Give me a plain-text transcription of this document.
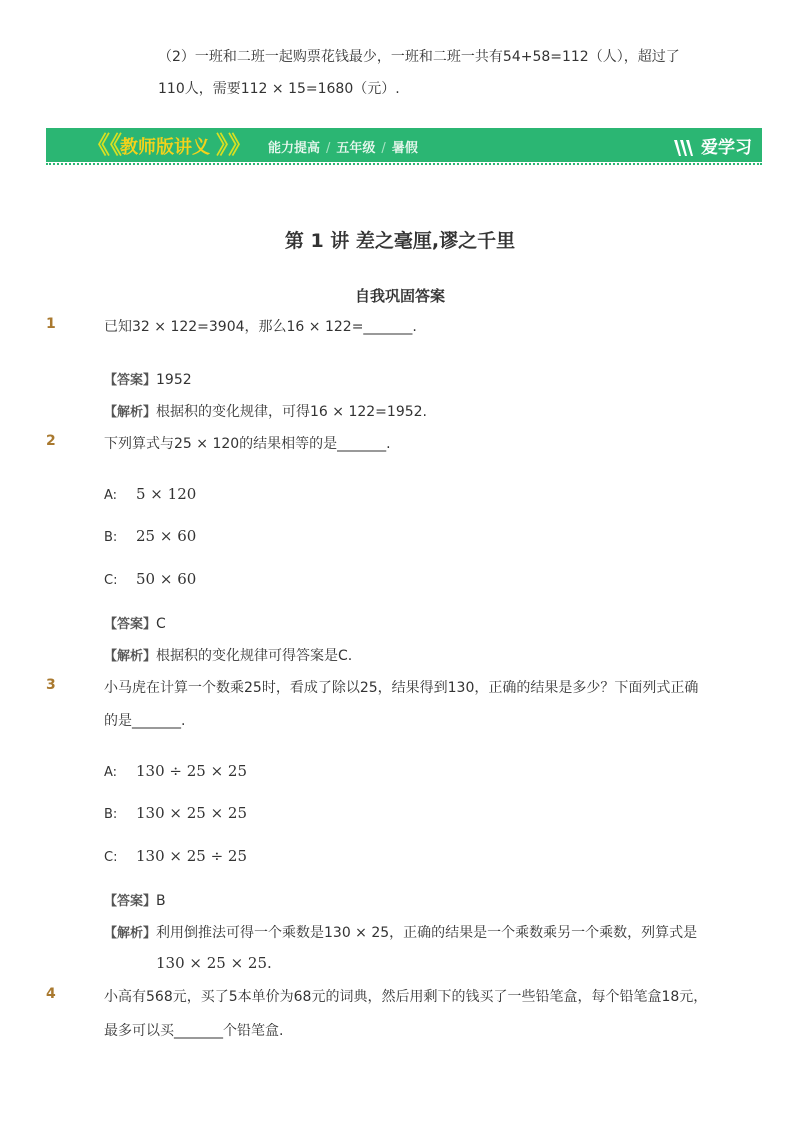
（2）一班和二班一起购票花钱最少，一班和二班一共有54+58=112（人），超过了
110人，需要112 × 15=1680（元）.
《《
教师版讲义 》》 能力提高 / 五年级 / 暑假	爱学习
第 1 讲 差之毫厘,谬之千里
自我巩固答案
1	已知32 × 122=3904，那么16 × 122=_______.
【答案】1952
【解析】根据积的变化规律，可得16 × 122=1952.
2	下列算式与25 × 120的结果相等的是_______.
A: 5 × 120
B: 25 × 60
C: 50 × 60
【答案】C
【解析】根据积的变化规律可得答案是C.
3	小马虎在计算一个数乘25时，看成了除以25，结果得到130，正确的结果是多少？下面列式正确
的是_______.
A: 130 ÷ 25 × 25
B: 130 × 25 × 25
C: 130 × 25 ÷ 25
【答案】B
【解析】利用倒推法可得一个乘数是130 × 25，正确的结果是一个乘数乘另一个乘数，列算式是
130 × 25 × 25.
4	小高有568元，买了5本单价为68元的词典，然后用剩下的钱买了一些铅笔盒，每个铅笔盒18元，
最多可以买_______个铅笔盒.
